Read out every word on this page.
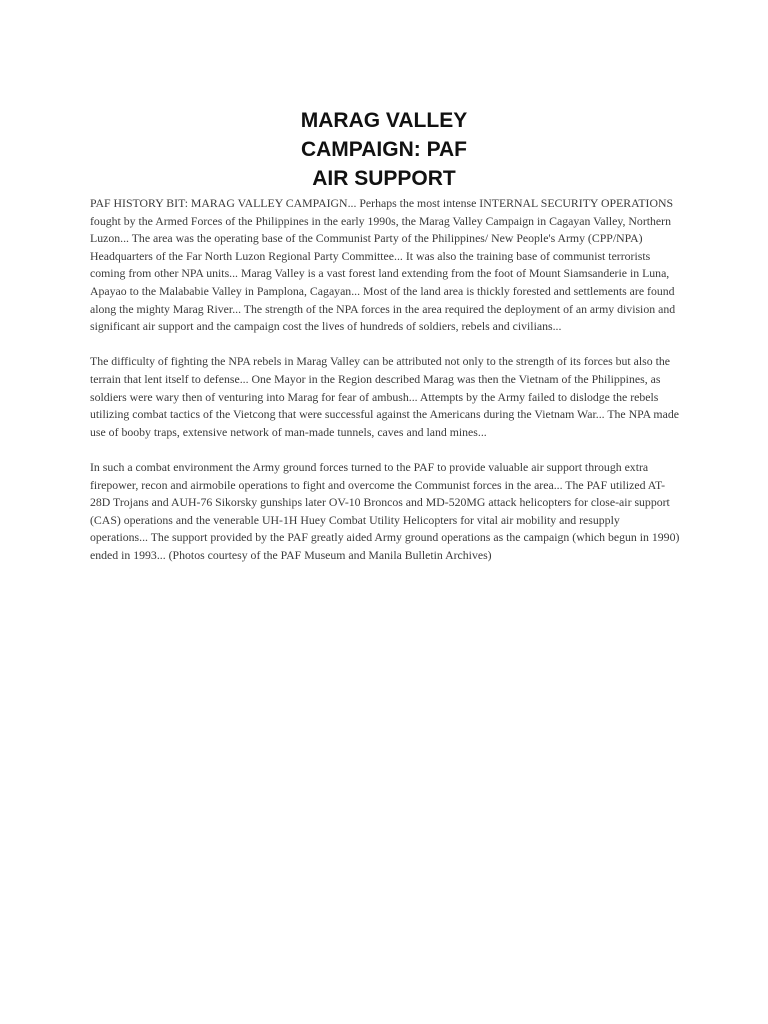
MARAG VALLEY
CAMPAIGN: PAF
AIR SUPPORT

PAF HISTORY BIT: MARAG VALLEY CAMPAIGN... Perhaps the most intense INTERNAL SECURITY OPERATIONS fought by the Armed Forces of the Philippines in the early 1990s, the Marag Valley Campaign in Cagayan Valley, Northern Luzon... The area was the operating base of the Communist Party of the Philippines/ New People's Army (CPP/NPA) Headquarters of the Far North Luzon Regional Party Committee... It was also the training base of communist terrorists coming from other NPA units... Marag Valley is a vast forest land extending from the foot of Mount Siamsanderie in Luna, Apayao to the Malababie Valley in Pamplona, Cagayan... Most of the land area is thickly forested and settlements are found along the mighty Marag River... The strength of the NPA forces in the area required the deployment of an army division and significant air support and the campaign cost the lives of hundreds of soldiers, rebels and civilians...

The difficulty of fighting the NPA rebels in Marag Valley can be attributed not only to the strength of its forces but also the terrain that lent itself to defense... One Mayor in the Region described Marag was then the Vietnam of the Philippines, as soldiers were wary then of venturing into Marag for fear of ambush... Attempts by the Army failed to dislodge the rebels utilizing combat tactics of the Vietcong that were successful against the Americans during the Vietnam War... The NPA made use of booby traps, extensive network of man-made tunnels, caves and land mines...

In such a combat environment the Army ground forces turned to the PAF to provide valuable air support through extra firepower, recon and airmobile operations to fight and overcome the Communist forces in the area... The PAF utilized AT-28D Trojans and AUH-76 Sikorsky gunships later OV-10 Broncos and MD-520MG attack helicopters for close-air support (CAS) operations and the venerable UH-1H Huey Combat Utility Helicopters for vital air mobility and resupply operations... The support provided by the PAF greatly aided Army ground operations as the campaign (which begun in 1990) ended in 1993... (Photos courtesy of the PAF Museum and Manila Bulletin Archives)
